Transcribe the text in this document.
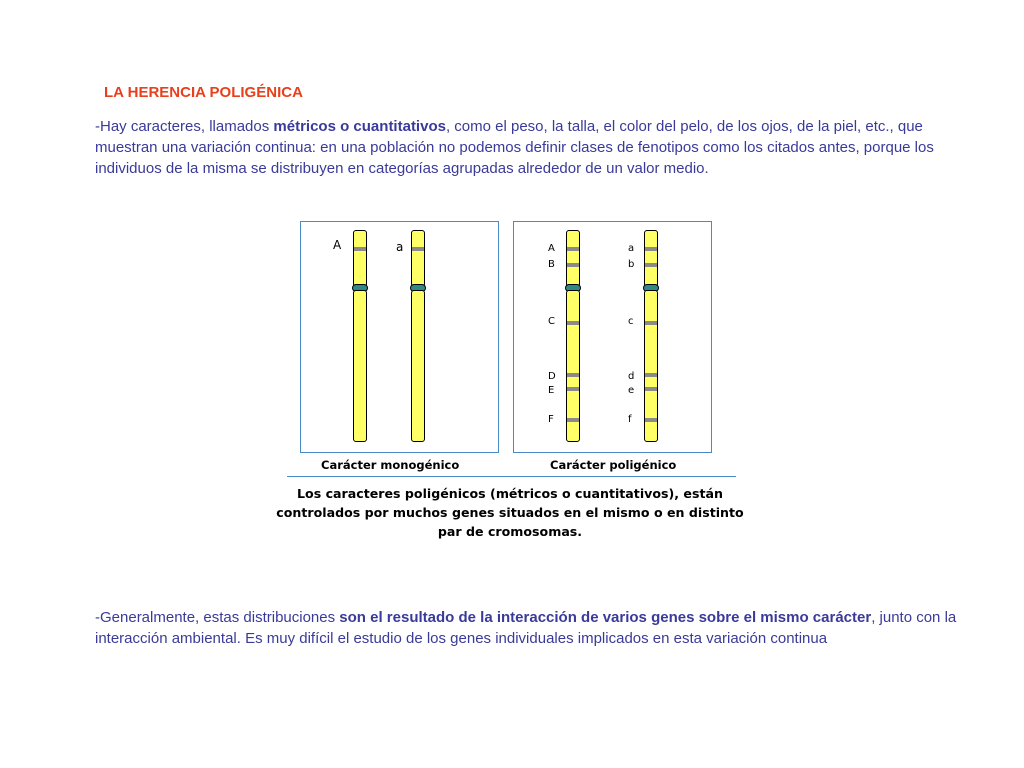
LA HERENCIA POLIGÉNICA

-Hay caracteres, llamados métricos o cuantitativos, como el peso, la talla, el color del pelo, de los ojos, de la piel, etc., que muestran una variación continua: en una población no podemos definir clases de fenotipos como los citados antes, porque los individuos de la misma se distribuyen en categorías agrupadas alrededor de un valor medio.

A	a	A
B
C
D
E
F
a
b
c
d
e
f
Carácter monogénico	Carácter poligénico

Los caracteres poligénicos (métricos o cuantitativos), están
controlados por muchos genes situados en el mismo o en distinto
par de cromosomas.

-Generalmente, estas distribuciones son el resultado de la interacción de varios genes sobre el mismo carácter, junto con la interacción ambiental. Es muy difícil el estudio de los genes individuales implicados en esta variación continua
